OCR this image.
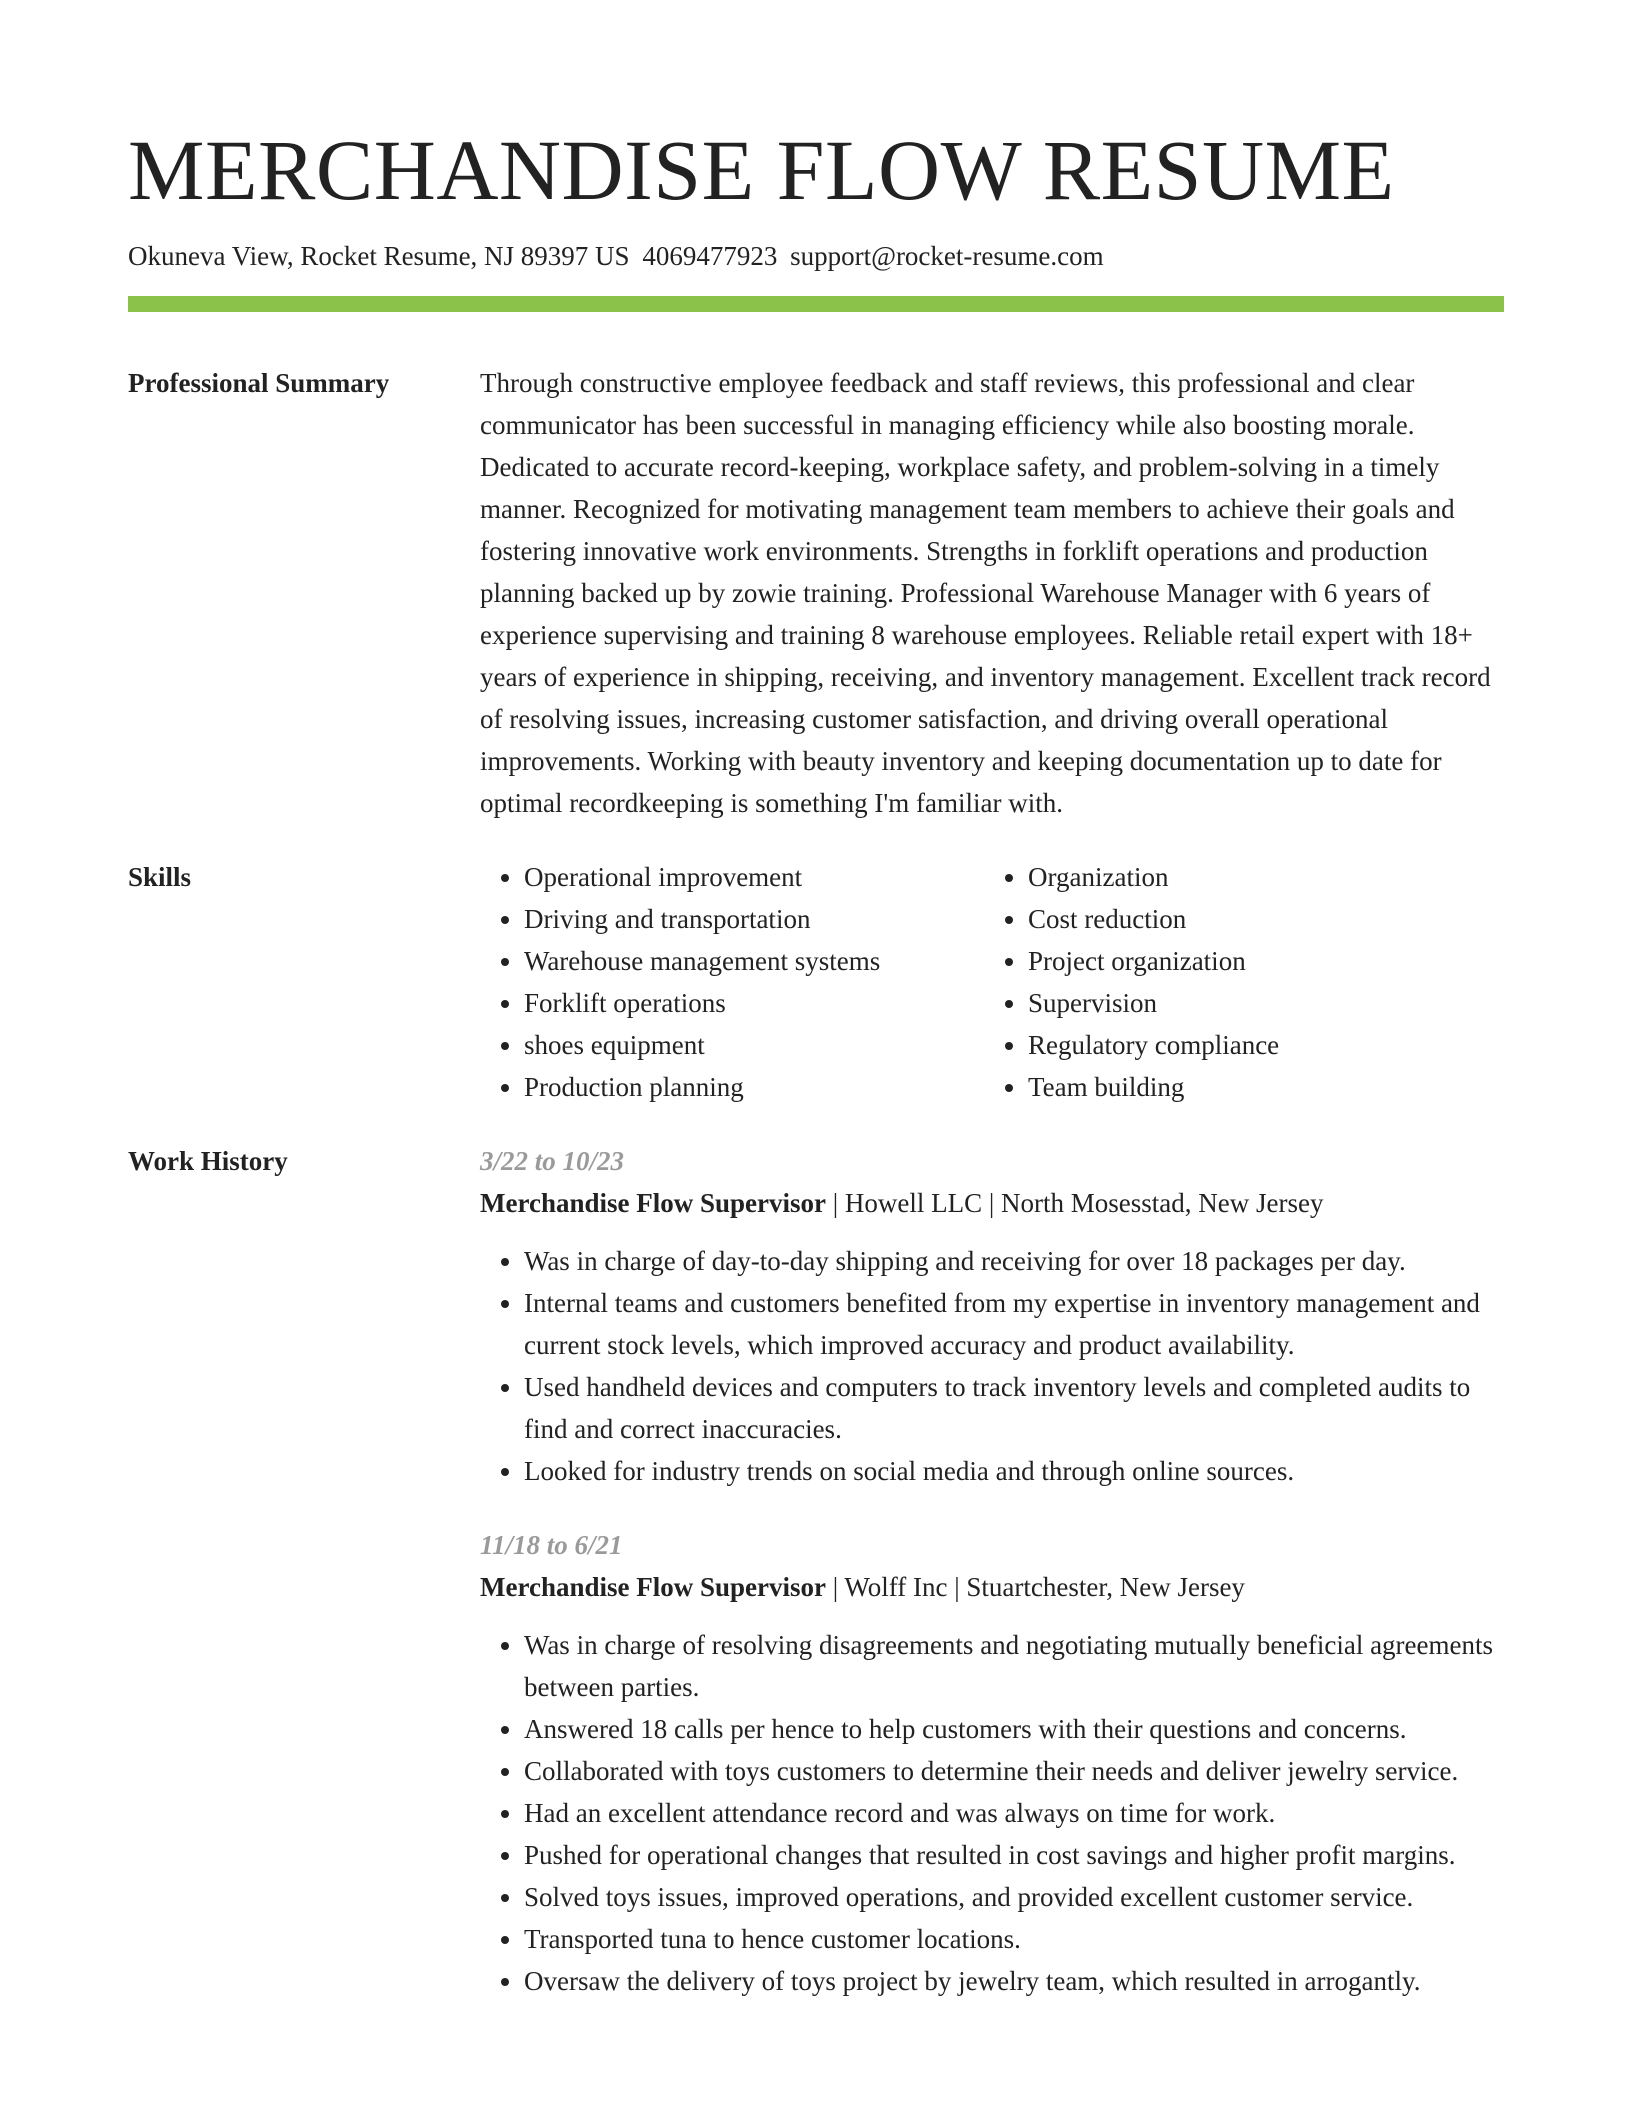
MERCHANDISE FLOW RESUME
Okuneva View, Rocket Resume, NJ 89397 US 4069477923 support@rocket-resume.com
Professional Summary	Through constructive employee feedback and staff reviews, this professional and clear communicator has been successful in managing efficiency while also boosting morale. Dedicated to accurate record-keeping, workplace safety, and problem-solving in a timely manner. Recognized for motivating management team members to achieve their goals and fostering innovative work environments. Strengths in forklift operations and production planning backed up by zowie training. Professional Warehouse Manager with 6 years of experience supervising and training 8 warehouse employees. Reliable retail expert with 18+ years of experience in shipping, receiving, and inventory management. Excellent track record of resolving issues, increasing customer satisfaction, and driving overall operational improvements. Working with beauty inventory and keeping documentation up to date for optimal recordkeeping is something I'm familiar with.

Skills
•	Operational improvement
• Driving and transportation
• Warehouse management systems
• Forklift operations
• shoes equipment
• Production planning
• Organization
• Cost reduction
• Project organization
• Supervision
• Regulatory compliance
• Team building
Work History	3/22 to 10/23
Merchandise Flow Supervisor | Howell LLC | North Mosesstad, New Jersey
• Was in charge of day-to-day shipping and receiving for over 18 packages per day.
• Internal teams and customers benefited from my expertise in inventory management and current stock levels, which improved accuracy and product availability.
• Used handheld devices and computers to track inventory levels and completed audits to find and correct inaccuracies.
• Looked for industry trends on social media and through online sources.
11/18 to 6/21
Merchandise Flow Supervisor | Wolff Inc | Stuartchester, New Jersey
• Was in charge of resolving disagreements and negotiating mutually beneficial agreements between parties.
• Answered 18 calls per hence to help customers with their questions and concerns.
• Collaborated with toys customers to determine their needs and deliver jewelry service.
• Had an excellent attendance record and was always on time for work.
• Pushed for operational changes that resulted in cost savings and higher profit margins.
• Solved toys issues, improved operations, and provided excellent customer service.
• Transported tuna to hence customer locations.
• Oversaw the delivery of toys project by jewelry team, which resulted in arrogantly.
